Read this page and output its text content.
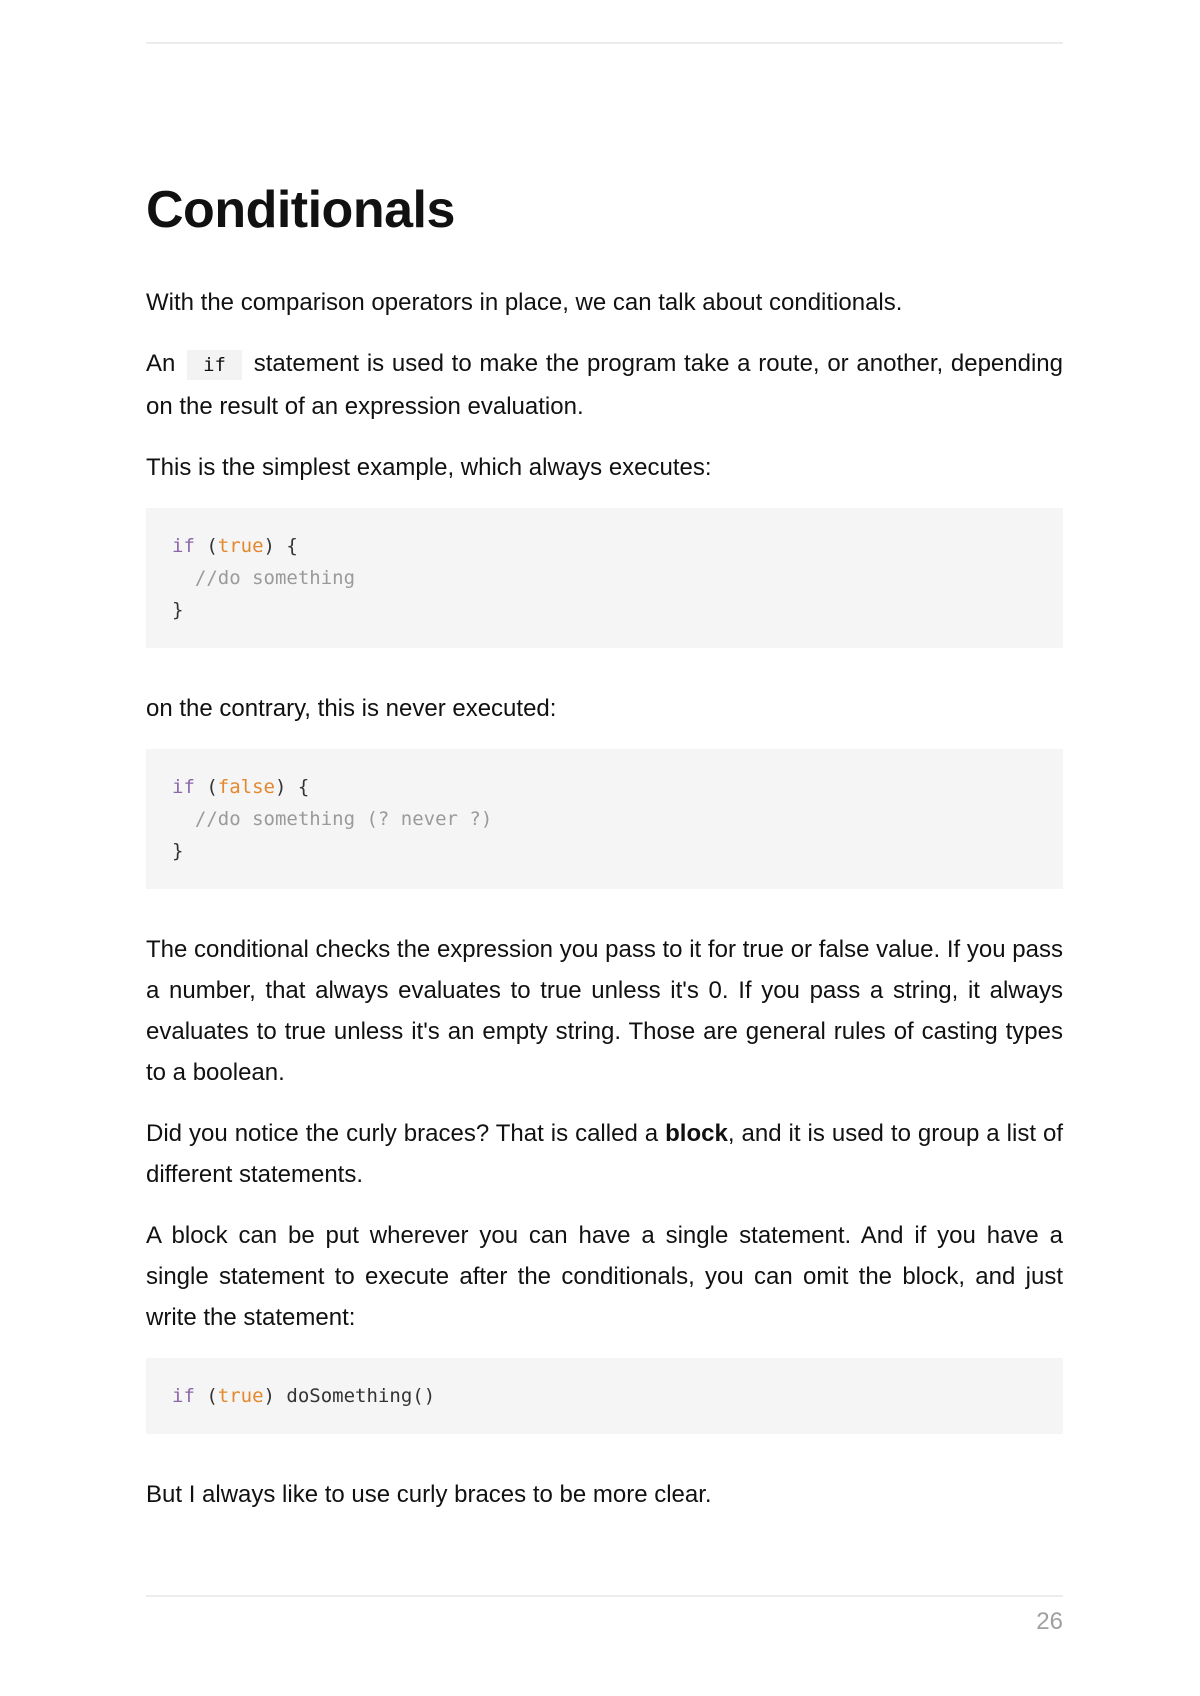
Conditionals

With the comparison operators in place, we can talk about conditionals.

An if statement is used to make the program take a route, or another, depending on the result of an expression evaluation.

This is the simplest example, which always executes:

if (true) {
//do something
}

on the contrary, this is never executed:

if (false) {
//do something (? never ?)
}

The conditional checks the expression you pass to it for true or false value. If you pass a number, that always evaluates to true unless it's 0. If you pass a string, it always evaluates to true unless it's an empty string. Those are general rules of casting types to a boolean.

Did you notice the curly braces? That is called a block, and it is used to group a list of different statements.

A block can be put wherever you can have a single statement. And if you have a single statement to execute after the conditionals, you can omit the block, and just write the statement:

if (true) doSomething()

But I always like to use curly braces to be more clear.

26
